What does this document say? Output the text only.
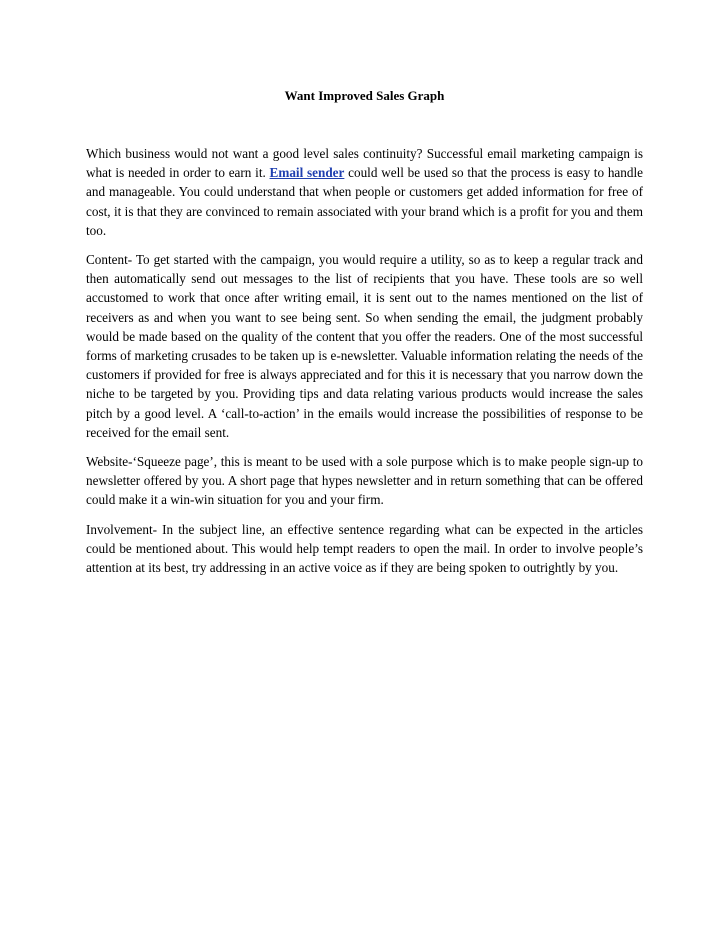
Want Improved Sales Graph

Which business would not want a good level sales continuity? Successful email marketing campaign is what is needed in order to earn it. Email sender could well be used so that the process is easy to handle and manageable. You could understand that when people or customers get added information for free of cost, it is that they are convinced to remain associated with your brand which is a profit for you and them too.

Content- To get started with the campaign, you would require a utility, so as to keep a regular track and then automatically send out messages to the list of recipients that you have. These tools are so well accustomed to work that once after writing email, it is sent out to the names mentioned on the list of receivers as and when you want to see being sent. So when sending the email, the judgment probably would be made based on the quality of the content that you offer the readers. One of the most successful forms of marketing crusades to be taken up is e-newsletter. Valuable information relating the needs of the customers if provided for free is always appreciated and for this it is necessary that you narrow down the niche to be targeted by you. Providing tips and data relating various products would increase the sales pitch by a good level. A ‘call-to-action’ in the emails would increase the possibilities of response to be received for the email sent.

Website-‘Squeeze page’, this is meant to be used with a sole purpose which is to make people sign-up to newsletter offered by you. A short page that hypes newsletter and in return something that can be offered could make it a win-win situation for you and your firm.

Involvement- In the subject line, an effective sentence regarding what can be expected in the articles could be mentioned about. This would help tempt readers to open the mail. In order to involve people’s attention at its best, try addressing in an active voice as if they are being spoken to outrightly by you.
